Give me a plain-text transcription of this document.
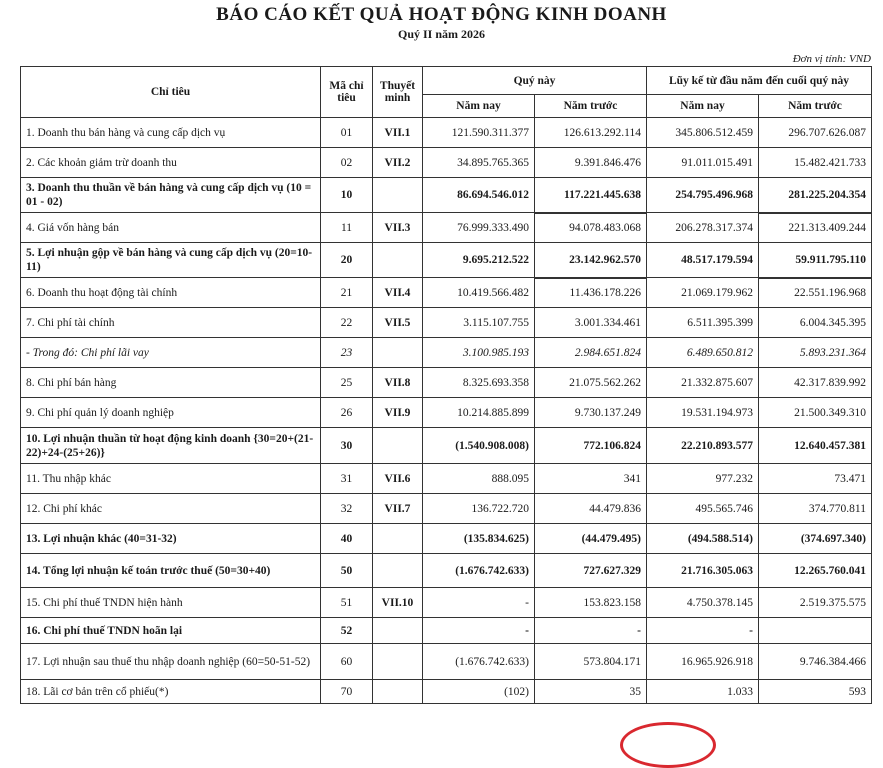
BÁO CÁO KẾT QUẢ HOẠT ĐỘNG KINH DOANH
Quý II năm 2026
Đơn vị tính: VND
Chỉ tiêu	Mã chỉ tiêu	Thuyết minh	Quý này		Lũy kế từ đầu năm đến cuối quý này	
			Năm nay	Năm trước	Năm nay	Năm trước
1. Doanh thu bán hàng và cung cấp dịch vụ	01	VII.1	121.590.311.377	126.613.292.114	345.806.512.459	296.707.626.087
2. Các khoản giảm trừ doanh thu	02	VII.2	34.895.765.365	9.391.846.476	91.011.015.491	15.482.421.733
3. Doanh thu thuần về bán hàng và cung cấp dịch vụ (10 = 01 - 02)	10		86.694.546.012	117.221.445.638	254.795.496.968	281.225.204.354
4. Giá vốn hàng bán	11	VII.3	76.999.333.490	94.078.483.068	206.278.317.374	221.313.409.244
5. Lợi nhuận gộp về bán hàng và cung cấp dịch vụ (20=10-11)	20		9.695.212.522	23.142.962.570	48.517.179.594	59.911.795.110
6. Doanh thu hoạt động tài chính	21	VII.4	10.419.566.482	11.436.178.226	21.069.179.962	22.551.196.968
7. Chi phí tài chính	22	VII.5	3.115.107.755	3.001.334.461	6.511.395.399	6.004.345.395
- Trong đó: Chi phí lãi vay	23		3.100.985.193	2.984.651.824	6.489.650.812	5.893.231.364
8. Chi phí bán hàng	25	VII.8	8.325.693.358	21.075.562.262	21.332.875.607	42.317.839.992
9. Chi phí quản lý doanh nghiệp	26	VII.9	10.214.885.899	9.730.137.249	19.531.194.973	21.500.349.310
10. Lợi nhuận thuần từ hoạt động kinh doanh {30=20+(21-22)+24-(25+26)}	30		(1.540.908.008)	772.106.824	22.210.893.577	12.640.457.381
11. Thu nhập khác	31	VII.6	888.095	341	977.232	73.471
12. Chi phí khác	32	VII.7	136.722.720	44.479.836	495.565.746	374.770.811
13. Lợi nhuận khác (40=31-32)	40		(135.834.625)	(44.479.495)	(494.588.514)	(374.697.340)
14. Tổng lợi nhuận kế toán trước thuế (50=30+40)	50		(1.676.742.633)	727.627.329	21.716.305.063	12.265.760.041
15. Chi phí thuế TNDN hiện hành	51	VII.10	-	153.823.158	4.750.378.145	2.519.375.575
16. Chi phí thuế TNDN hoãn lại	52		-	-	-	
17. Lợi nhuận sau thuế thu nhập doanh nghiệp (60=50-51-52)	60		(1.676.742.633)	573.804.171	16.965.926.918	9.746.384.466
18. Lãi cơ bản trên cổ phiếu(*)	70		(102)	35	1.033	593
